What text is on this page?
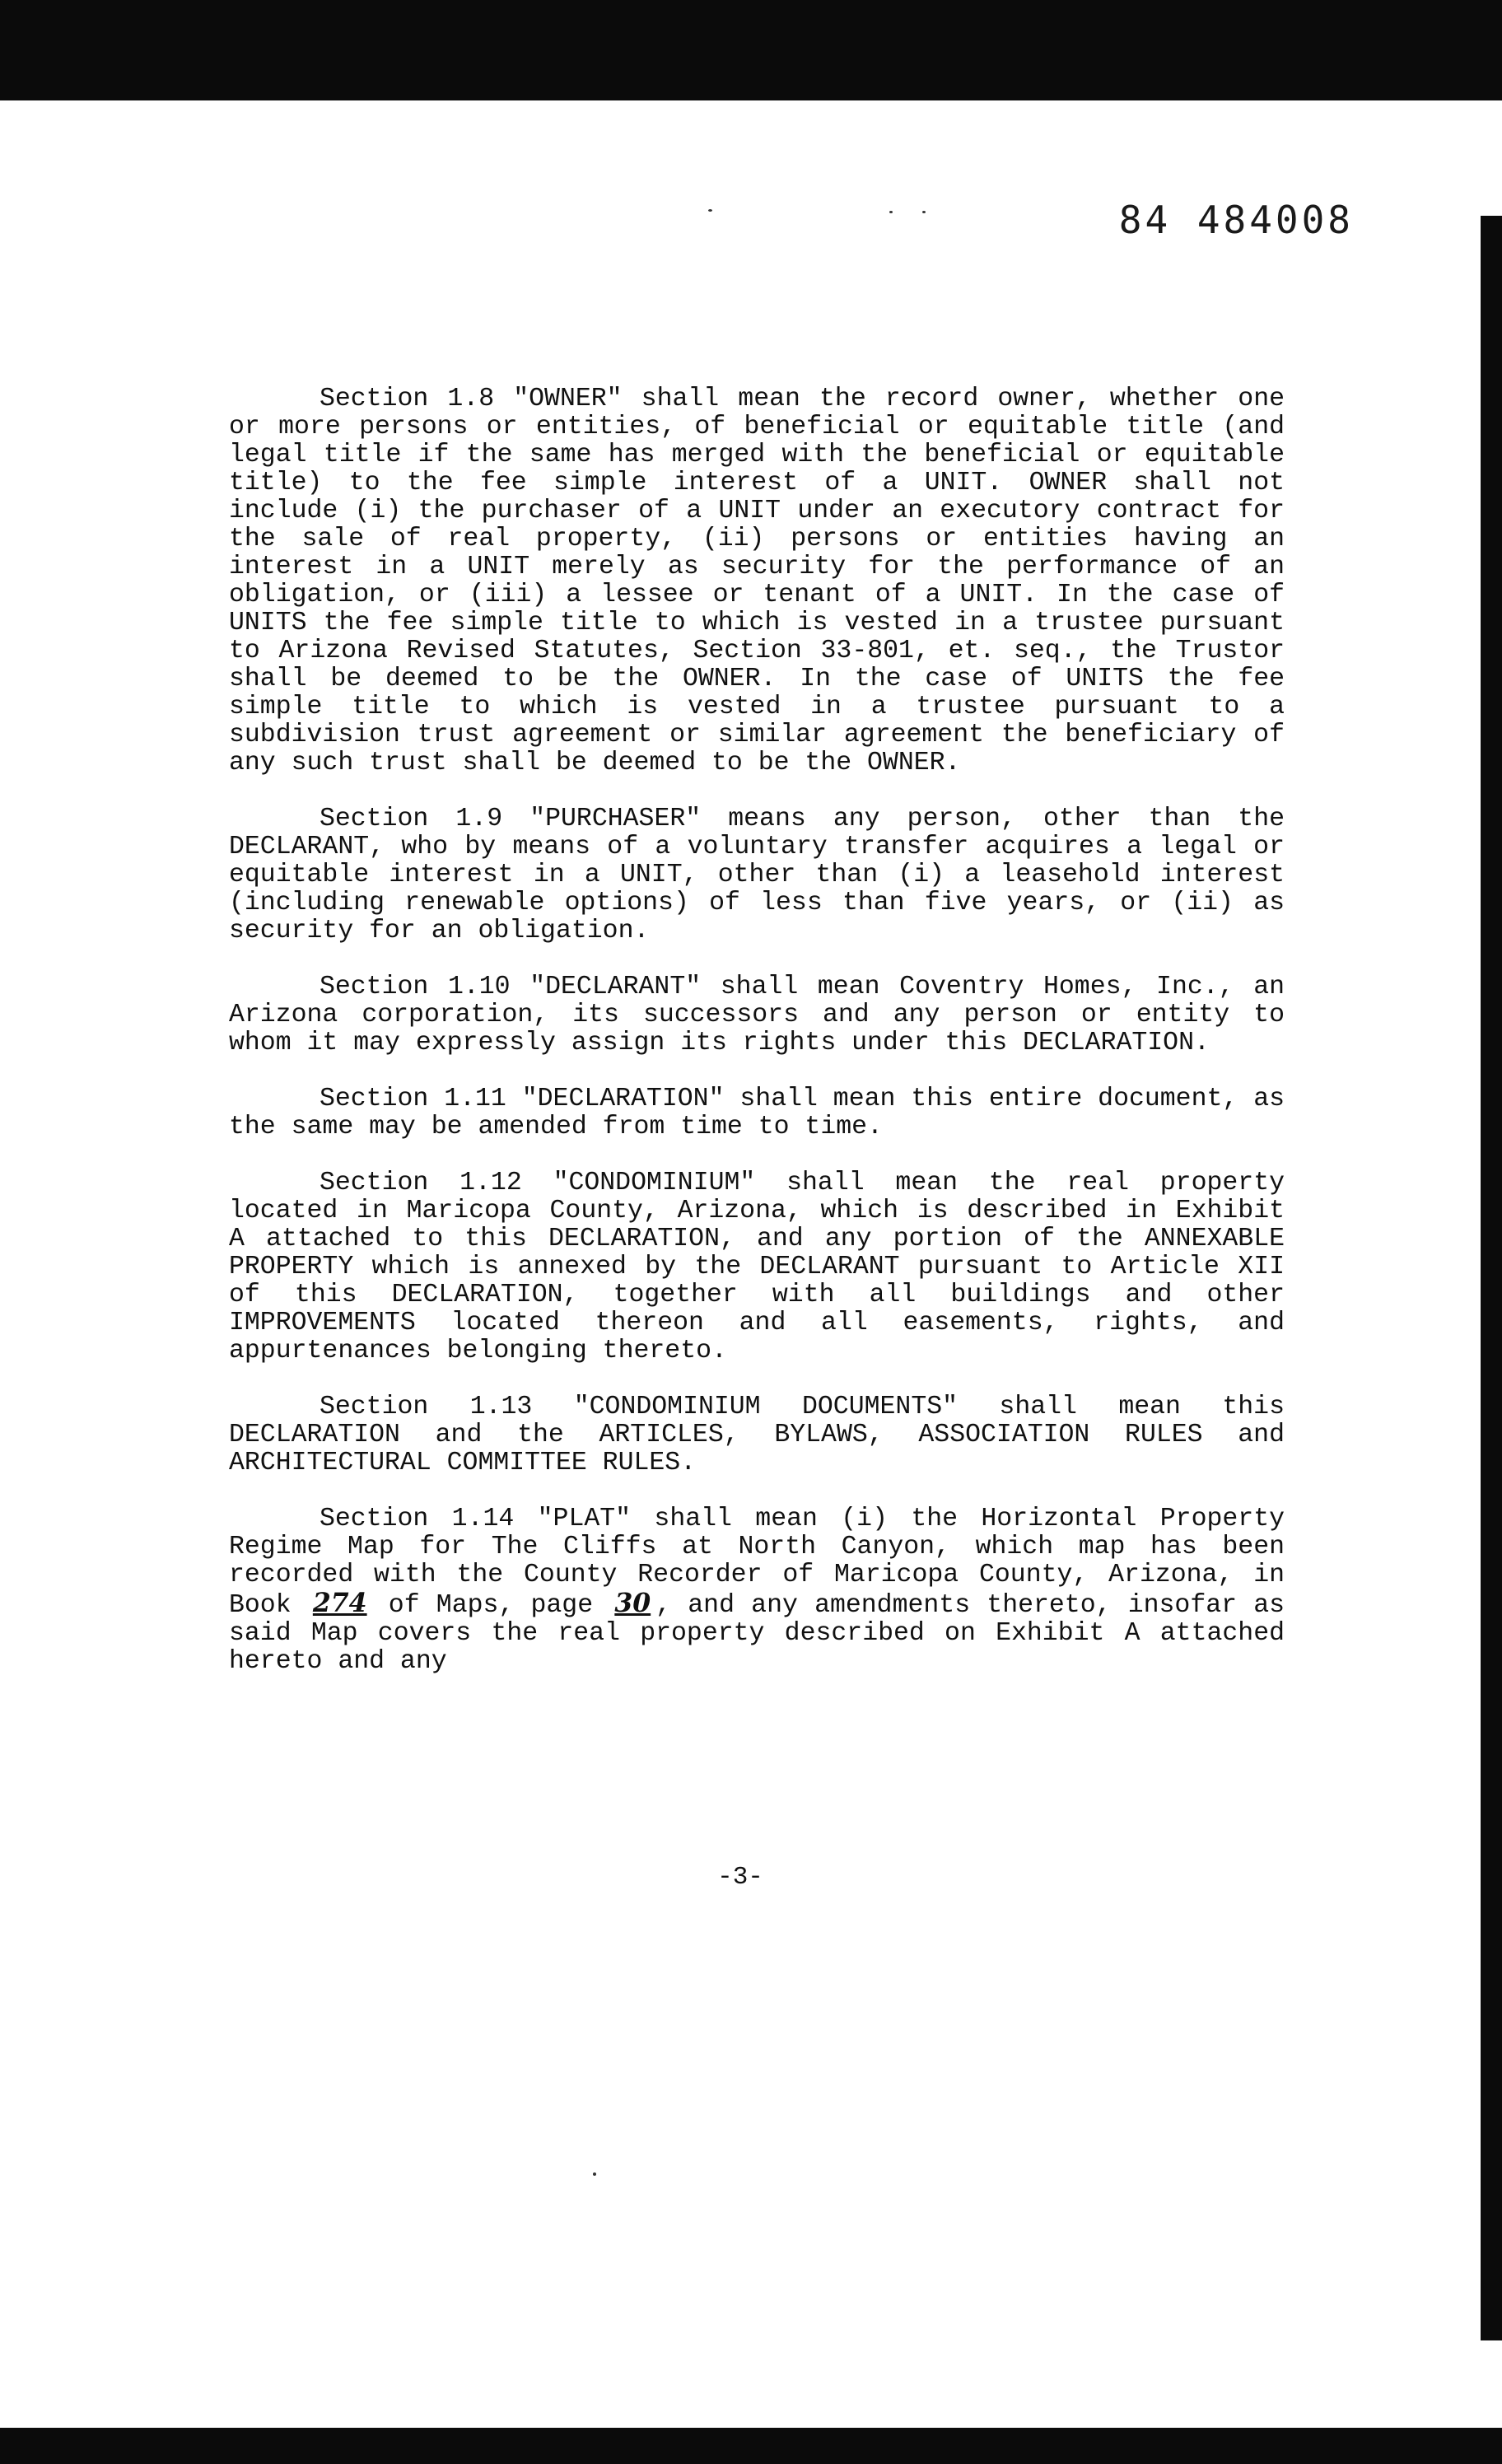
84 484008

Section 1.8 "OWNER" shall mean the record owner, whether one or more persons or entities, of beneficial or equitable title (and legal title if the same has merged with the beneficial or equitable title) to the fee simple interest of a UNIT. OWNER shall not include (i) the purchaser of a UNIT under an executory contract for the sale of real property, (ii) persons or entities having an interest in a UNIT merely as security for the performance of an obligation, or (iii) a lessee or tenant of a UNIT. In the case of UNITS the fee simple title to which is vested in a trustee pursuant to Arizona Revised Statutes, Section 33-801, et. seq., the Trustor shall be deemed to be the OWNER. In the case of UNITS the fee simple title to which is vested in a trustee pursuant to a subdivision trust agreement or similar agreement the beneficiary of any such trust shall be deemed to be the OWNER.

Section 1.9 "PURCHASER" means any person, other than the DECLARANT, who by means of a voluntary transfer acquires a legal or equitable interest in a UNIT, other than (i) a leasehold interest (including renewable options) of less than five years, or (ii) as security for an obligation.

Section 1.10 "DECLARANT" shall mean Coventry Homes, Inc., an Arizona corporation, its successors and any person or entity to whom it may expressly assign its rights under this DECLARATION.

Section 1.11 "DECLARATION" shall mean this entire document, as the same may be amended from time to time.

Section 1.12 "CONDOMINIUM" shall mean the real property located in Maricopa County, Arizona, which is described in Exhibit A attached to this DECLARATION, and any portion of the ANNEXABLE PROPERTY which is annexed by the DECLARANT pursuant to Article XII of this DECLARATION, together with all buildings and other IMPROVEMENTS located thereon and all easements, rights, and appurtenances belonging thereto.

Section 1.13 "CONDOMINIUM DOCUMENTS" shall mean this DECLARATION and the ARTICLES, BYLAWS, ASSOCIATION RULES and ARCHITECTURAL COMMITTEE RULES.

Section 1.14 "PLAT" shall mean (i) the Horizontal Property Regime Map for The Cliffs at North Canyon, which map has been recorded with the County Recorder of Maricopa County, Arizona, in Book 274 of Maps, page 30 , and any amendments thereto, insofar as said Map covers the real property described on Exhibit A attached hereto and any

-3-
